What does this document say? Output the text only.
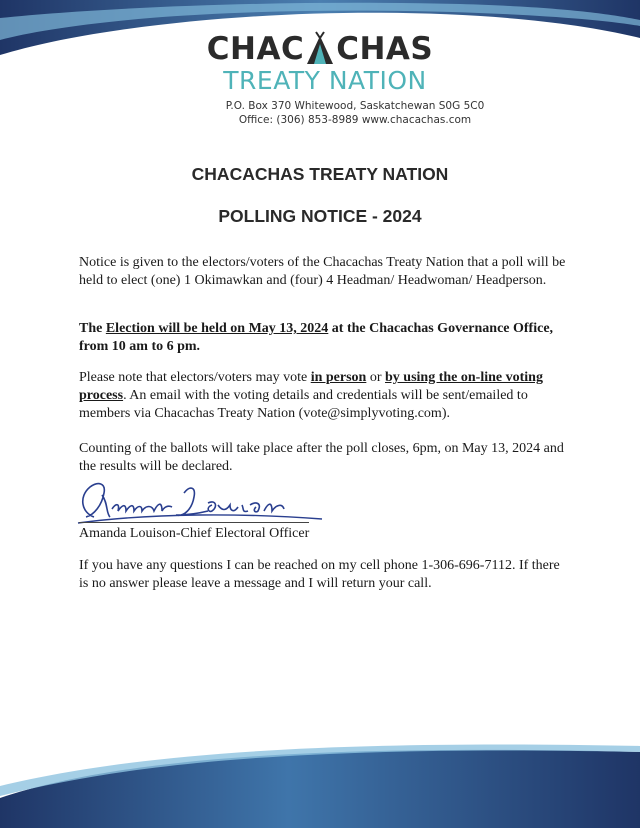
CHAC CHAS
TREATY NATION
P.O. Box 370 Whitewood, Saskatchewan S0G 5C0
Office: (306) 853-8989 www.chacachas.com
CHACACHAS TREATY NATION
POLLING NOTICE - 2024

Notice is given to the electors/voters of the Chacachas Treaty Nation that a poll will be held to elect (one) 1 Okimawkan and (four) 4 Headman/ Headwoman/ Headperson.

The Election will be held on May 13, 2024 at the Chacachas Governance Office, from 10 am to 6 pm.

Please note that electors/voters may vote in person or by using the on-line voting process. An email with the voting details and credentials will be sent/emailed to members via Chacachas Treaty Nation (vote@simplyvoting.com).

Counting of the ballots will take place after the poll closes, 6pm, on May 13, 2024 and the results will be declared.

Amanda Louison-Chief Electoral Officer

If you have any questions I can be reached on my cell phone 1-306-696-7112. If there is no answer please leave a message and I will return your call.
